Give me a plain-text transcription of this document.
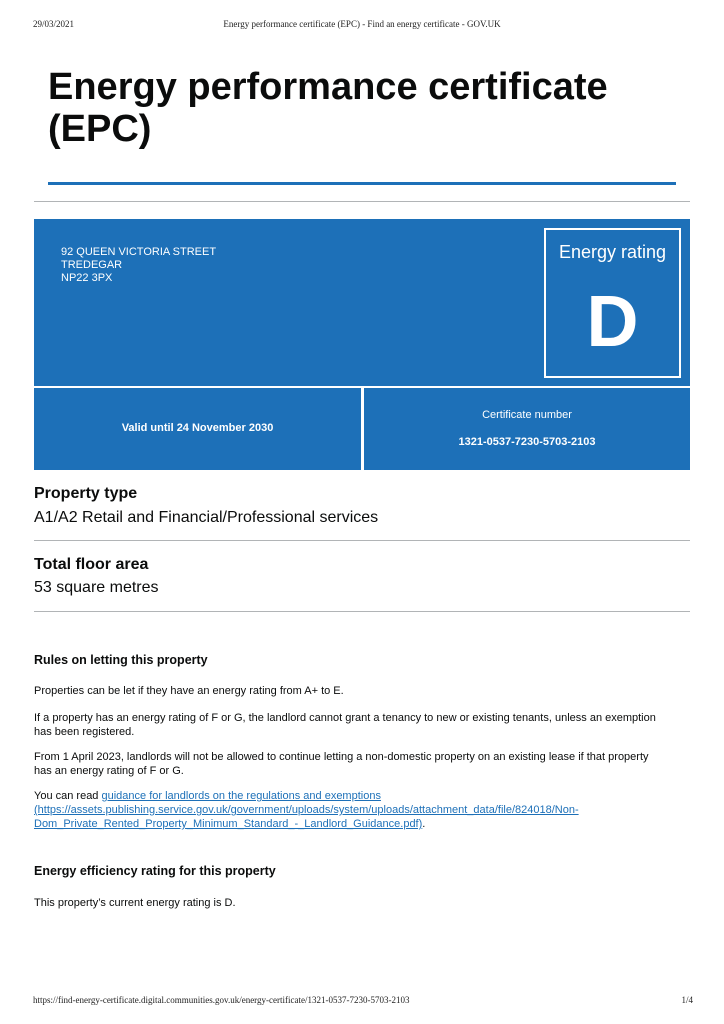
29/03/2021	Energy performance certificate (EPC) - Find an energy certificate - GOV.UK
Energy performance certificate
(EPC)
92 QUEEN VICTORIA STREET
TREDEGAR
NP22 3PX
Energy rating
D
Valid until 24 November 2030
Certificate number
1321-0537-7230-5703-2103
Property type
A1/A2 Retail and Financial/Professional services
Total floor area
53 square metres
Rules on letting this property

Properties can be let if they have an energy rating from A+ to E.

If a property has an energy rating of F or G, the landlord cannot grant a tenancy to new or existing tenants, unless an exemption has been registered.

From 1 April 2023, landlords will not be allowed to continue letting a non-domestic property on an existing lease if that property has an energy rating of F or G.

You can read guidance for landlords on the regulations and exemptions (https://assets.publishing.service.gov.uk/government/uploads/system/uploads/attachment_data/file/824018/Non-Dom_Private_Rented_Property_Minimum_Standard_-_Landlord_Guidance.pdf).

Energy efficiency rating for this property

This property’s current energy rating is D.

https://find-energy-certificate.digital.communities.gov.uk/energy-certificate/1321-0537-7230-5703-2103	1/4
